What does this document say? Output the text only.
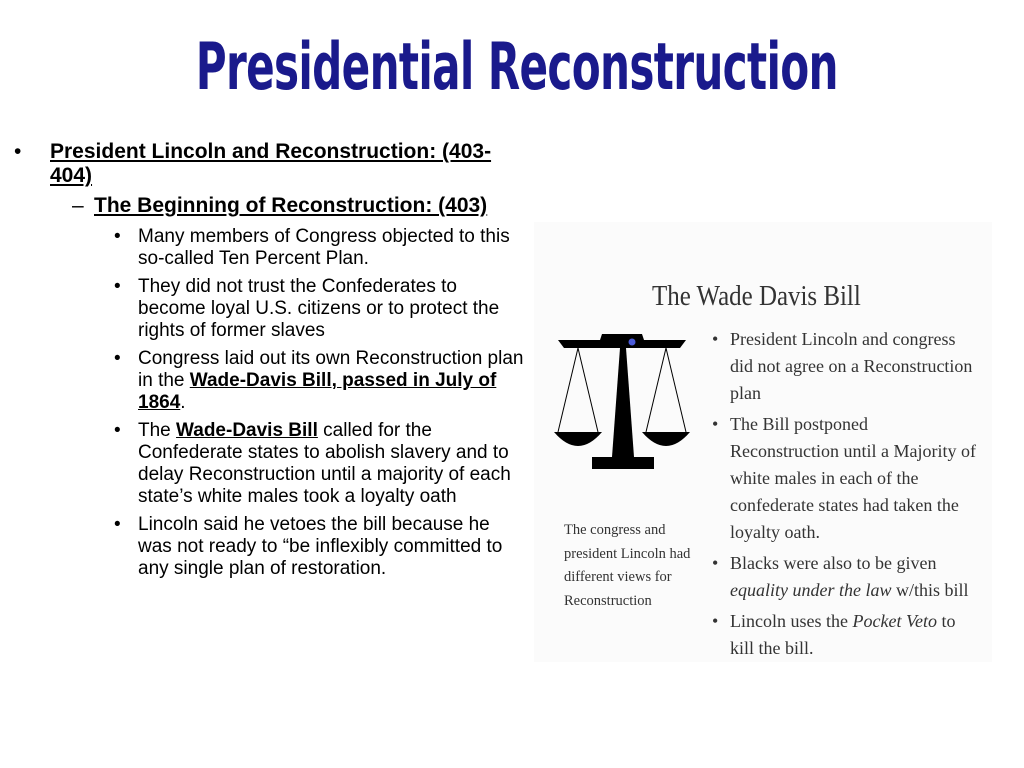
Presidential Reconstruction
• President Lincoln and Reconstruction: (403-404)
– The Beginning of Reconstruction: (403)
• Many members of Congress objected to this so-called Ten Percent Plan.
• They did not trust the Confederates to become loyal U.S. citizens or to protect the rights of former slaves
• Congress laid out its own Reconstruction plan in the Wade-Davis Bill, passed in July of 1864.
• The Wade-Davis Bill called for the Confederate states to abolish slavery and to delay Reconstruction until a majority of each state’s white males took a loyalty oath
• Lincoln said he vetoes the bill because he was not ready to “be inflexibly committed to any single plan of restoration.
The Wade Davis Bill
• President Lincoln and congress did not agree on a Reconstruction plan
• The Bill postponed Reconstruction until a Majority of white males in each of the confederate states had taken the loyalty oath.
• Blacks were also to be given equality under the law w/this bill
• Lincoln uses the Pocket Veto to kill the bill.
The congress and president Lincoln had different views for Reconstruction
